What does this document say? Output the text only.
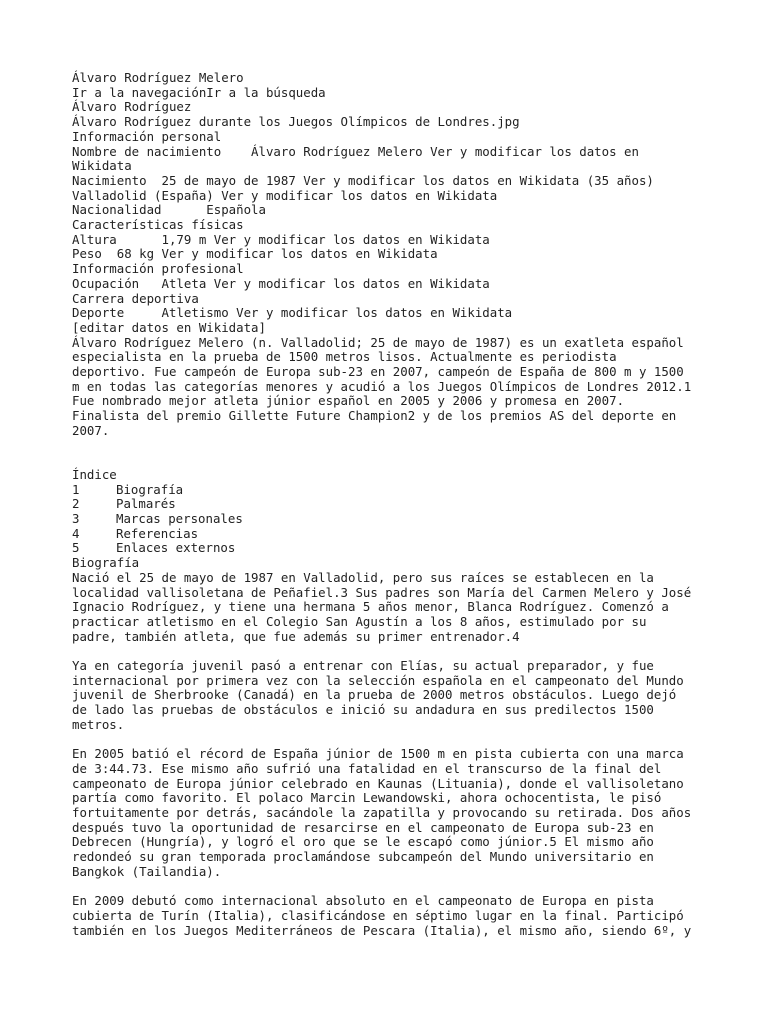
Álvaro Rodríguez Melero
Ir a la navegaciónIr a la búsqueda
Álvaro Rodríguez
Álvaro Rodríguez durante los Juegos Olímpicos de Londres.jpg
Información personal
Nombre de nacimiento    Álvaro Rodríguez Melero Ver y modificar los datos en
Wikidata
Nacimiento  25 de mayo de 1987 Ver y modificar los datos en Wikidata (35 años)
Valladolid (España) Ver y modificar los datos en Wikidata
Nacionalidad      Española
Características físicas
Altura      1,79 m Ver y modificar los datos en Wikidata
Peso  68 kg Ver y modificar los datos en Wikidata
Información profesional
Ocupación   Atleta Ver y modificar los datos en Wikidata
Carrera deportiva
Deporte     Atletismo Ver y modificar los datos en Wikidata
[editar datos en Wikidata]
Álvaro Rodríguez Melero (n. Valladolid; 25 de mayo de 1987) es un exatleta español
especialista en la prueba de 1500 metros lisos. Actualmente es periodista
deportivo. Fue campeón de Europa sub-23 en 2007, campeón de España de 800 m y 1500
m en todas las categorías menores y acudió a los Juegos Olímpicos de Londres 2012.1
Fue nombrado mejor atleta júnior español en 2005 y 2006 y promesa en 2007.
Finalista del premio Gillette Future Champion2 y de los premios AS del deporte en
2007.
Índice
1	Biografía
2	Palmarés
3	Marcas personales
4	Referencias
5	Enlaces externos
Biografía
Nació el 25 de mayo de 1987 en Valladolid, pero sus raíces se establecen en la
localidad vallisoletana de Peñafiel.3 Sus padres son María del Carmen Melero y José
Ignacio Rodríguez, y tiene una hermana 5 años menor, Blanca Rodríguez. Comenzó a
practicar atletismo en el Colegio San Agustín a los 8 años, estimulado por su
padre, también atleta, que fue además su primer entrenador.4
Ya en categoría juvenil pasó a entrenar con Elías, su actual preparador, y fue
internacional por primera vez con la selección española en el campeonato del Mundo
juvenil de Sherbrooke (Canadá) en la prueba de 2000 metros obstáculos. Luego dejó
de lado las pruebas de obstáculos e inició su andadura en sus predilectos 1500
metros.
En 2005 batió el récord de España júnior de 1500 m en pista cubierta con una marca
de 3:44.73. Ese mismo año sufrió una fatalidad en el transcurso de la final del
campeonato de Europa júnior celebrado en Kaunas (Lituania), donde el vallisoletano
partía como favorito. El polaco Marcin Lewandowski, ahora ochocentista, le pisó
fortuitamente por detrás, sacándole la zapatilla y provocando su retirada. Dos años
después tuvo la oportunidad de resarcirse en el campeonato de Europa sub-23 en
Debrecen (Hungría), y logró el oro que se le escapó como júnior.5 El mismo año
redondeó su gran temporada proclamándose subcampeón del Mundo universitario en
Bangkok (Tailandia).
En 2009 debutó como internacional absoluto en el campeonato de Europa en pista
cubierta de Turín (Italia), clasificándose en séptimo lugar en la final. Participó
también en los Juegos Mediterráneos de Pescara (Italia), el mismo año, siendo 6º, y
